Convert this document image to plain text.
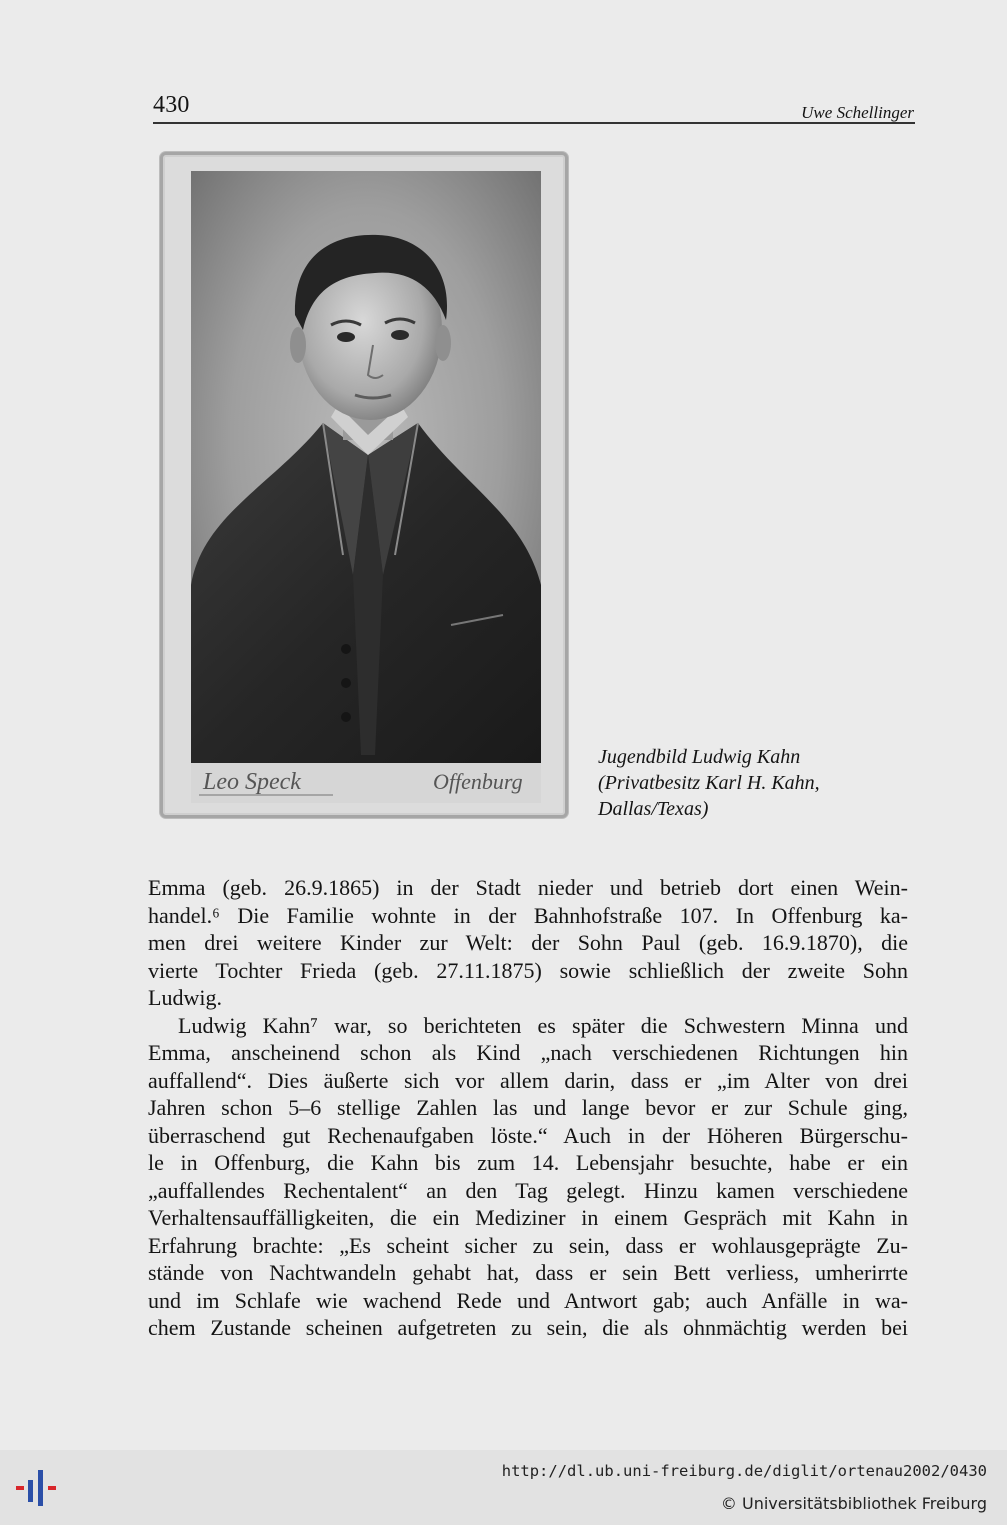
430	Uwe Schellinger
Leo Speck	Offenburg
Jugendbild Ludwig Kahn
(Privatbesitz Karl H. Kahn,
Dallas/Texas)
Emma (geb. 26.9.1865) in der Stadt nieder und betrieb dort einen Wein-
handel.⁶ Die Familie wohnte in der Bahnhofstraße 107. In Offenburg ka-
men drei weitere Kinder zur Welt: der Sohn Paul (geb. 16.9.1870), die
vierte Tochter Frieda (geb. 27.11.1875) sowie schließlich der zweite Sohn
Ludwig.
Ludwig Kahn⁷ war, so berichteten es später die Schwestern Minna und
Emma, anscheinend schon als Kind „nach verschiedenen Richtungen hin
auffallend“. Dies äußerte sich vor allem darin, dass er „im Alter von drei
Jahren schon 5–6 stellige Zahlen las und lange bevor er zur Schule ging,
überraschend gut Rechenaufgaben löste.“ Auch in der Höheren Bürgerschu-
le in Offenburg, die Kahn bis zum 14. Lebensjahr besuchte, habe er ein
„auffallendes Rechentalent“ an den Tag gelegt. Hinzu kamen verschiedene
Verhaltensauffälligkeiten, die ein Mediziner in einem Gespräch mit Kahn in
Erfahrung brachte: „Es scheint sicher zu sein, dass er wohlausgeprägte Zu-
stände von Nachtwandeln gehabt hat, dass er sein Bett verliess, umherirrte
und im Schlafe wie wachend Rede und Antwort gab; auch Anfälle in wa-
chem Zustande scheinen aufgetreten zu sein, die als ohnmächtig werden bei
http://dl.ub.uni-freiburg.de/diglit/ortenau2002/0430
© Universitätsbibliothek Freiburg
